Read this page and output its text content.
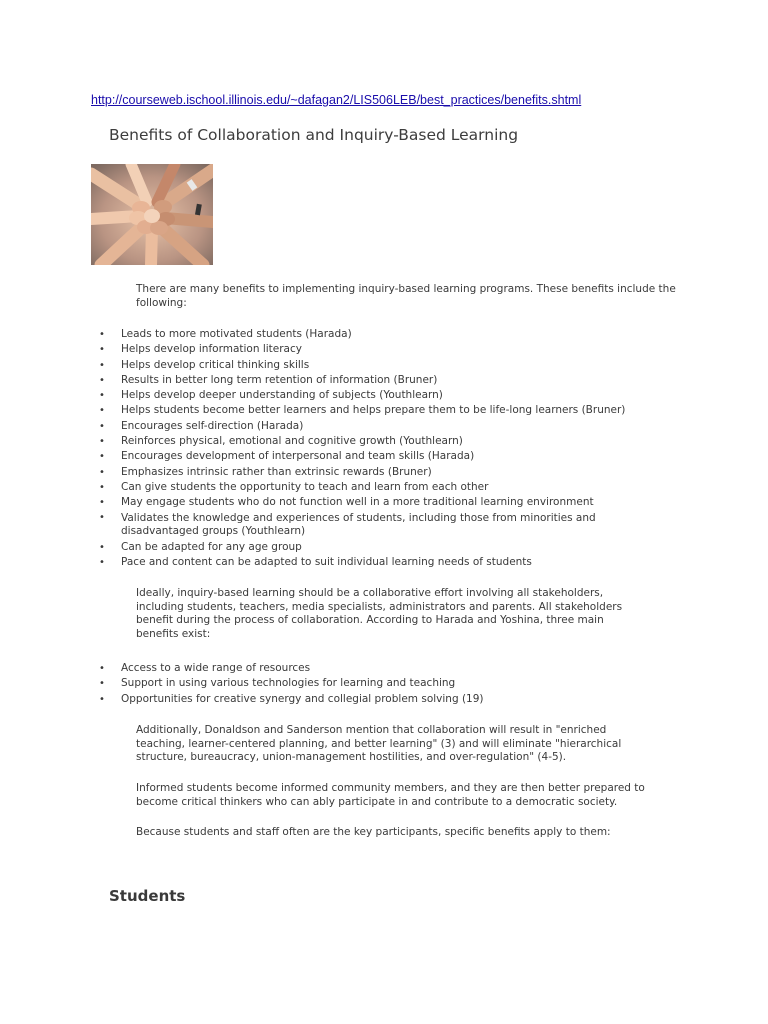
http://courseweb.ischool.illinois.edu/~dafagan2/LIS506LEB/best_practices/benefits.shtml
Benefits of Collaboration and Inquiry-Based Learning

There are many benefits to implementing inquiry-based learning programs. These benefits include the following:

• Leads to more motivated students (Harada)
• Helps develop information literacy
• Helps develop critical thinking skills
• Results in better long term retention of information (Bruner)
• Helps develop deeper understanding of subjects (Youthlearn)
• Helps students become better learners and helps prepare them to be life-long learners (Bruner)
• Encourages self-direction (Harada)
• Reinforces physical, emotional and cognitive growth (Youthlearn)
• Encourages development of interpersonal and team skills (Harada)
• Emphasizes intrinsic rather than extrinsic rewards (Bruner)
• Can give students the opportunity to teach and learn from each other
• May engage students who do not function well in a more traditional learning environment
• Validates the knowledge and experiences of students, including those from minorities and disadvantaged groups (Youthlearn)
• Can be adapted for any age group
• Pace and content can be adapted to suit individual learning needs of students

Ideally, inquiry-based learning should be a collaborative effort involving all stakeholders, including students, teachers, media specialists, administrators and parents. All stakeholders benefit during the process of collaboration. According to Harada and Yoshina, three main benefits exist:

• Access to a wide range of resources
• Support in using various technologies for learning and teaching
• Opportunities for creative synergy and collegial problem solving (19)

Additionally, Donaldson and Sanderson mention that collaboration will result in "enriched teaching, learner-centered planning, and better learning" (3) and will eliminate "hierarchical structure, bureaucracy, union-management hostilities, and over-regulation" (4-5).

Informed students become informed community members, and they are then better prepared to become critical thinkers who can ably participate in and contribute to a democratic society.

Because students and staff often are the key participants, specific benefits apply to them:

Students
